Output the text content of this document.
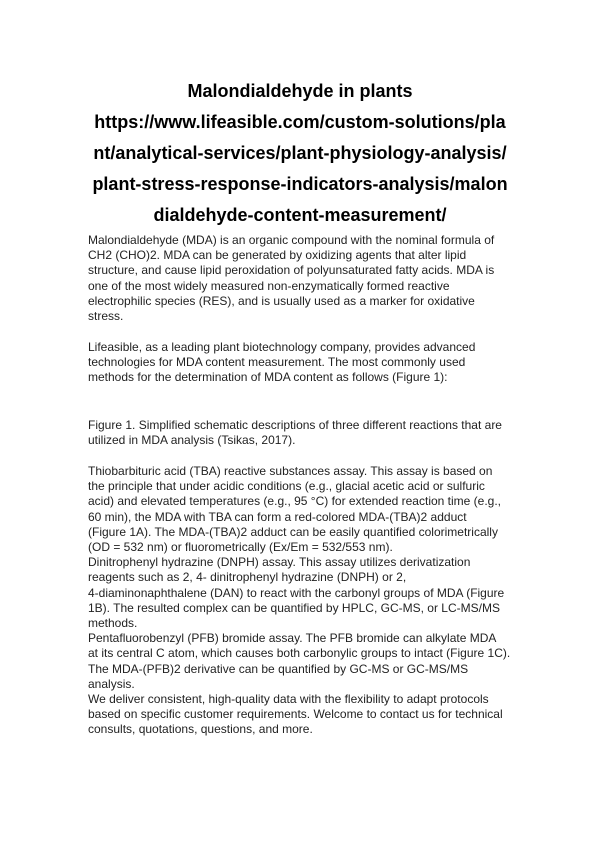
Malondialdehyde in plants
https://www.lifeasible.com/custom-solutions/pla
nt/analytical-services/plant-physiology-analysis/
plant-stress-response-indicators-analysis/malon
dialdehyde-content-measurement/
Malondialdehyde (MDA) is an organic compound with the nominal formula of
CH2 (CHO)2. MDA can be generated by oxidizing agents that alter lipid
structure, and cause lipid peroxidation of polyunsaturated fatty acids. MDA is
one of the most widely measured non-enzymatically formed reactive
electrophilic species (RES), and is usually used as a marker for oxidative
stress.
Lifeasible, as a leading plant biotechnology company, provides advanced
technologies for MDA content measurement. The most commonly used
methods for the determination of MDA content as follows (Figure 1):
Figure 1. Simplified schematic descriptions of three different reactions that are
utilized in MDA analysis (Tsikas, 2017).
Thiobarbituric acid (TBA) reactive substances assay. This assay is based on
the principle that under acidic conditions (e.g., glacial acetic acid or sulfuric
acid) and elevated temperatures (e.g., 95 °C) for extended reaction time (e.g.,
60 min), the MDA with TBA can form a red-colored MDA-(TBA)2 adduct
(Figure 1A). The MDA-(TBA)2 adduct can be easily quantified colorimetrically
(OD = 532 nm) or fluorometrically (Ex/Em = 532/553 nm).
Dinitrophenyl hydrazine (DNPH) assay. This assay utilizes derivatization
reagents such as 2, 4- dinitrophenyl hydrazine (DNPH) or 2,
4-diaminonaphthalene (DAN) to react with the carbonyl groups of MDA (Figure
1B). The resulted complex can be quantified by HPLC, GC-MS, or LC-MS/MS
methods.
Pentafluorobenzyl (PFB) bromide assay. The PFB bromide can alkylate MDA
at its central C atom, which causes both carbonylic groups to intact (Figure 1C).
The MDA-(PFB)2 derivative can be quantified by GC-MS or GC-MS/MS
analysis.
We deliver consistent, high-quality data with the flexibility to adapt protocols
based on specific customer requirements. Welcome to contact us for technical
consults, quotations, questions, and more.
